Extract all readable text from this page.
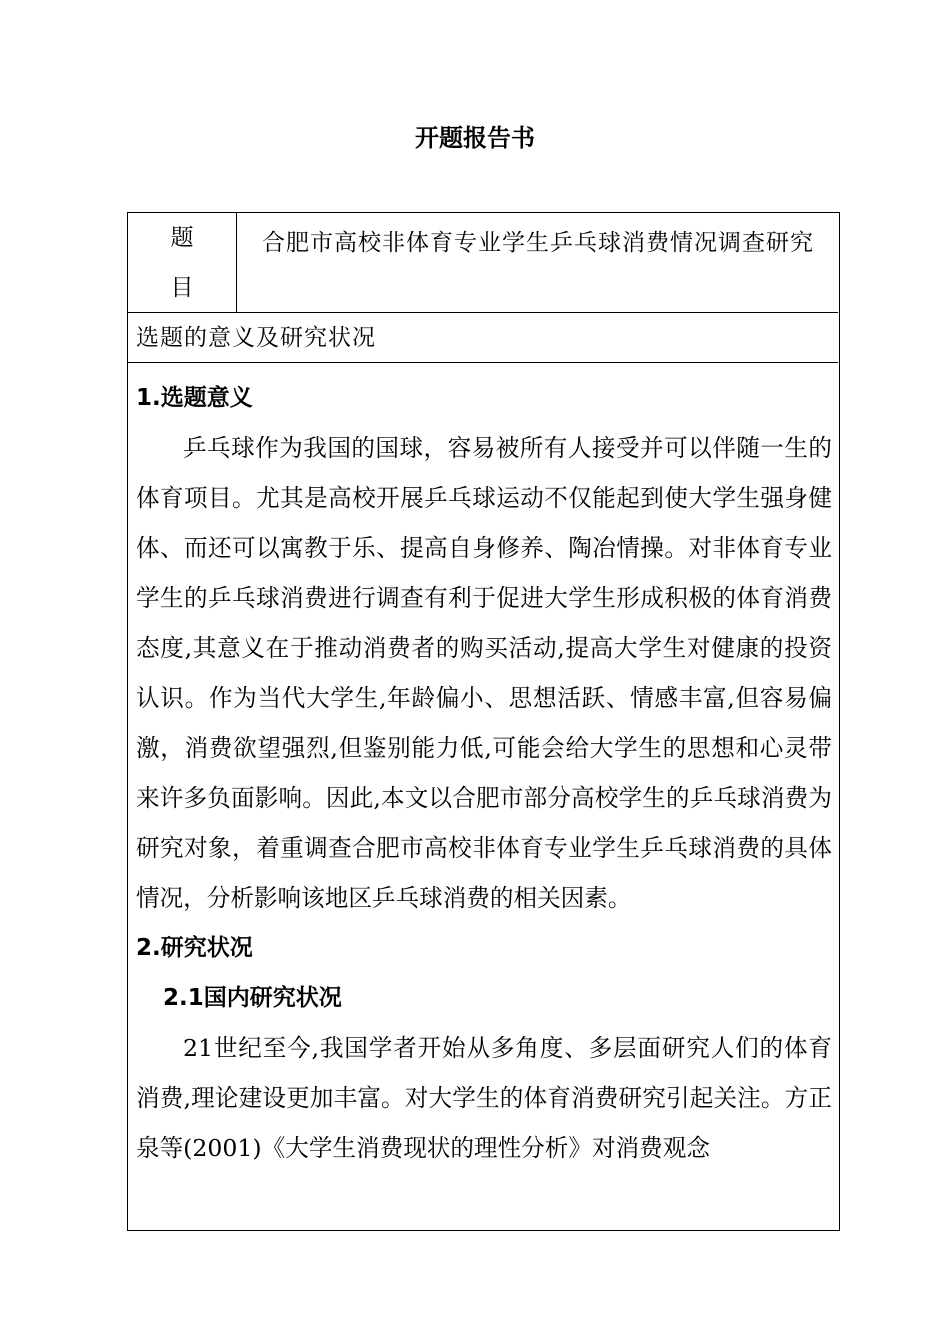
开题报告书
题
目
合肥市高校非体育专业学生乒乓球消费情况调查研究
选题的意义及研究状况
1.选题意义

乒乓球作为我国的国球，容易被所有人接受并可以伴随一生的体育项目。尤其是高校开展乒乓球运动不仅能起到使大学生强身健体、而还可以寓教于乐、提高自身修养、陶冶情操。对非体育专业学生的乒乓球消费进行调查有利于促进大学生形成积极的体育消费态度,其意义在于推动消费者的购买活动,提高大学生对健康的投资认识。作为当代大学生,年龄偏小、思想活跃、情感丰富,但容易偏激，消费欲望强烈,但鉴别能力低,可能会给大学生的思想和心灵带来许多负面影响。因此,本文以合肥市部分高校学生的乒乓球消费为研究对象，着重调查合肥市高校非体育专业学生乒乓球消费的具体情况，分析影响该地区乒乓球消费的相关因素。

2.研究状况
2.1国内研究状况

21世纪至今,我国学者开始从多角度、多层面研究人们的体育消费,理论建设更加丰富。对大学生的体育消费研究引起关注。方正泉等(2001)《大学生消费现状的理性分析》对消费观念
